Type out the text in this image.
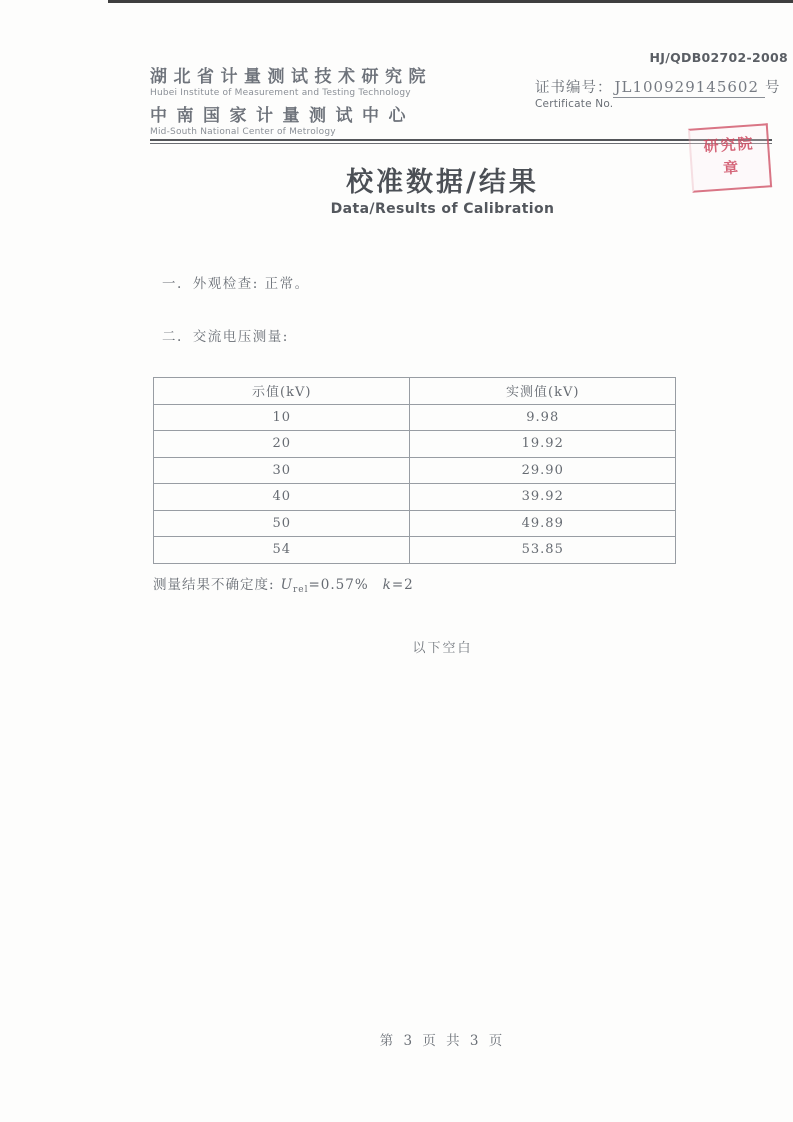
湖北省计量测试技术研究院
Hubei Institute of Measurement and Testing Technology
中南国家计量测试中心
Mid-South National Center of Metrology
HJ/QDB02702-2008
证书编号： JL100929145602 号
Certificate No.
研究院
章
校准数据/结果
Data/Results of Calibration
一. 外观检查: 正常。
二. 交流电压测量:
示值(kV)	实测值(kV)
10	9.98
20	19.92
30	29.90
40	39.92
50	49.89
54	53.85
测量结果不确定度: $U_{rel}=0.57\%$ k=2
以下空白
第 3 页 共 3 页
